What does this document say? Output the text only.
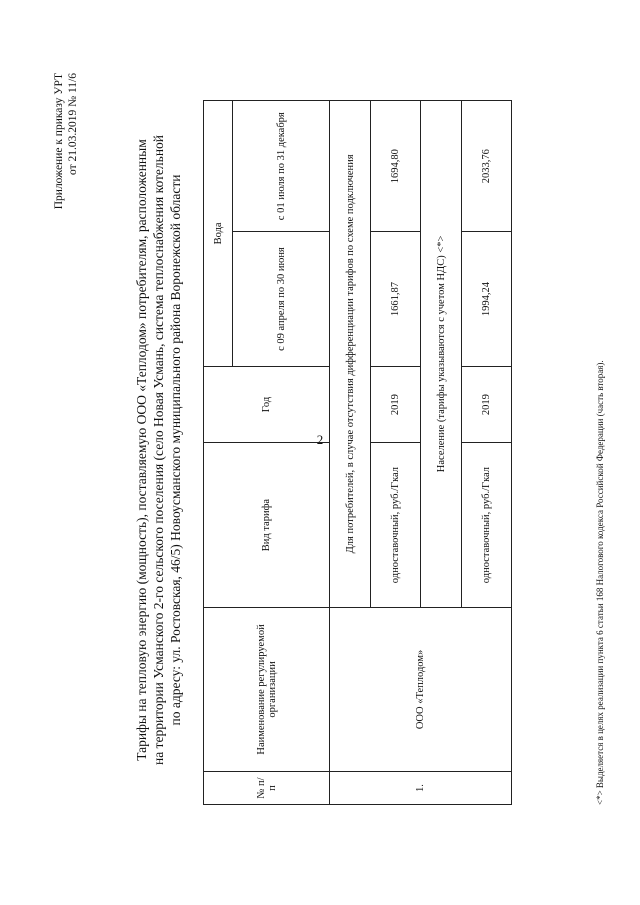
2
Приложение к приказу УРТ от 21.03.2019 № 11/6
Тарифы на тепловую энергию (мощность), поставляемую ООО «Теплодом» потребителям, расположенным на территории Усманского 2-го сельского поселения (село Новая Усмань, система теплоснабжения котельной по адресу: ул. Ростовская, 46/5) Новоусманского муниципального района Воронежской области
№ п/п	Наименование регулируемой организации	Вид тарифа	Год	Вода	
				с 09 апреля по 30 июня	с 01 июля по 31 декабря
1.	ООО «Теплодом»	Для потребителей, в случае отсутствия дифференциации тарифов по схеме подключения			
		одноставочный, руб./Гкал	2019	1661,87	1694,80
		Население (тарифы указываются с учетом НДС) <*>			
		одноставочный, руб./Гкал	2019	1994,24	2033,76
<*> Выделяется в целях реализации пункта 6 статьи 168 Налогового кодекса Российской Федерации (часть вторая).
